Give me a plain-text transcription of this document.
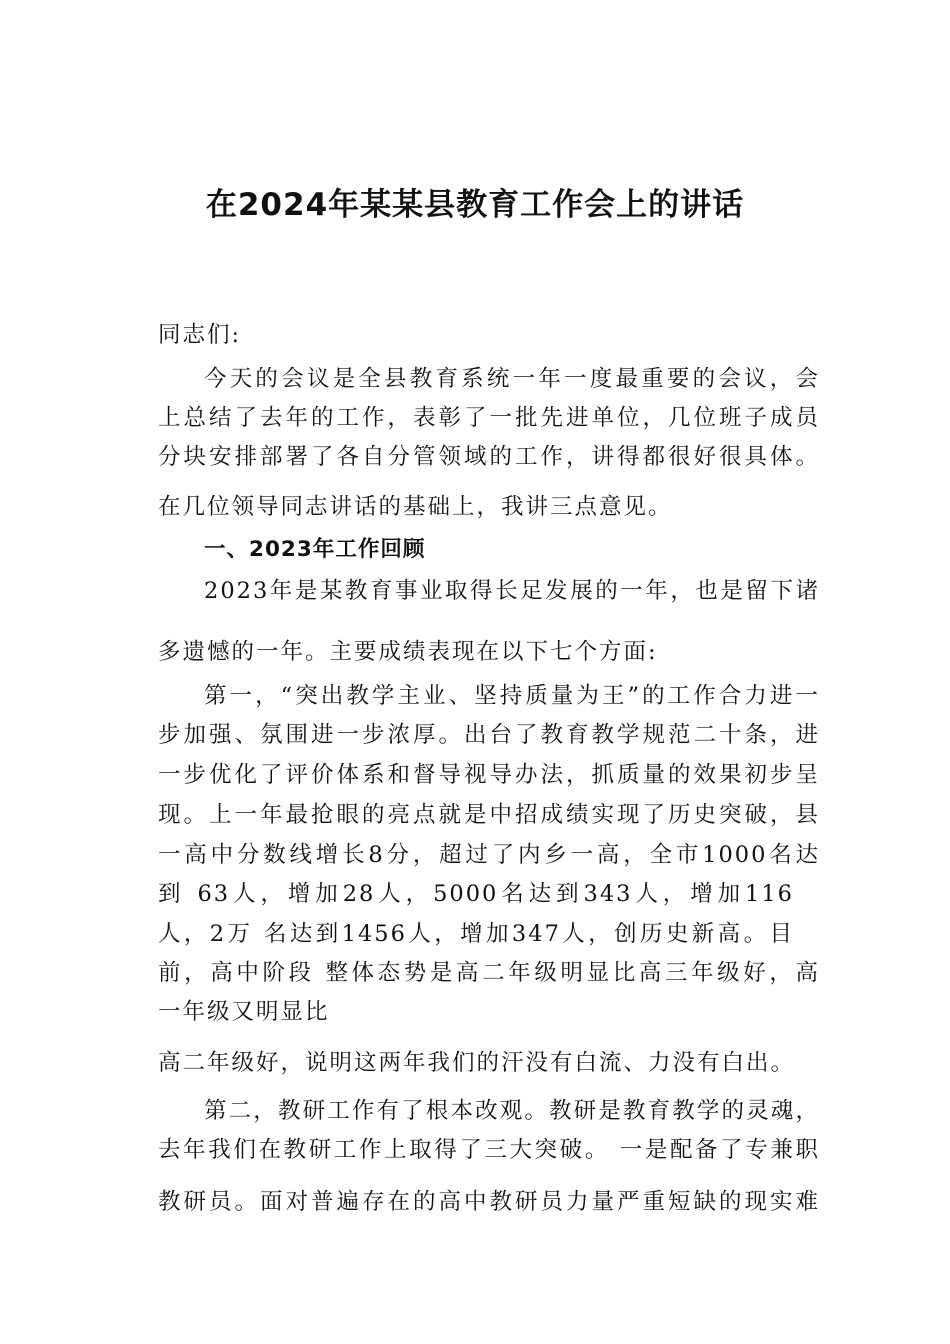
在2024年某某县教育工作会上的讲话
同志们:
今天的会议是全县教育系统一年一度最重要的会议，会
上总结了去年的工作，表彰了一批先进单位，几位班子成员
分块安排部署了各自分管领域的工作，讲得都很好很具体。
在几位领导同志讲话的基础上，我讲三点意见。
一、2023年工作回顾
2023年是某教育事业取得长足发展的一年，也是留下诸
多遗憾的一年。主要成绩表现在以下七个方面:
第一，“突出教学主业、坚持质量为王”的工作合力进一
步加强、氛围进一步浓厚。出台了教育教学规范二十条，进
一步优化了评价体系和督导视导办法，抓质量的效果初步呈
现。上一年最抢眼的亮点就是中招成绩实现了历史突破，县
一高中分数线增长8分，超过了内乡一高，全市1000名达
到 63人，增加28人，5000名达到343人，增加116
人，2万 名达到1456人，增加347人，创历史新高。目
前，高中阶段 整体态势是高二年级明显比高三年级好，高
一年级又明显比
高二年级好，说明这两年我们的汗没有白流、力没有白出。
第二，教研工作有了根本改观。教研是教育教学的灵魂，
去年我们在教研工作上取得了三大突破。 一是配备了专兼职
教研员。面对普遍存在的高中教研员力量严重短缺的现实难
